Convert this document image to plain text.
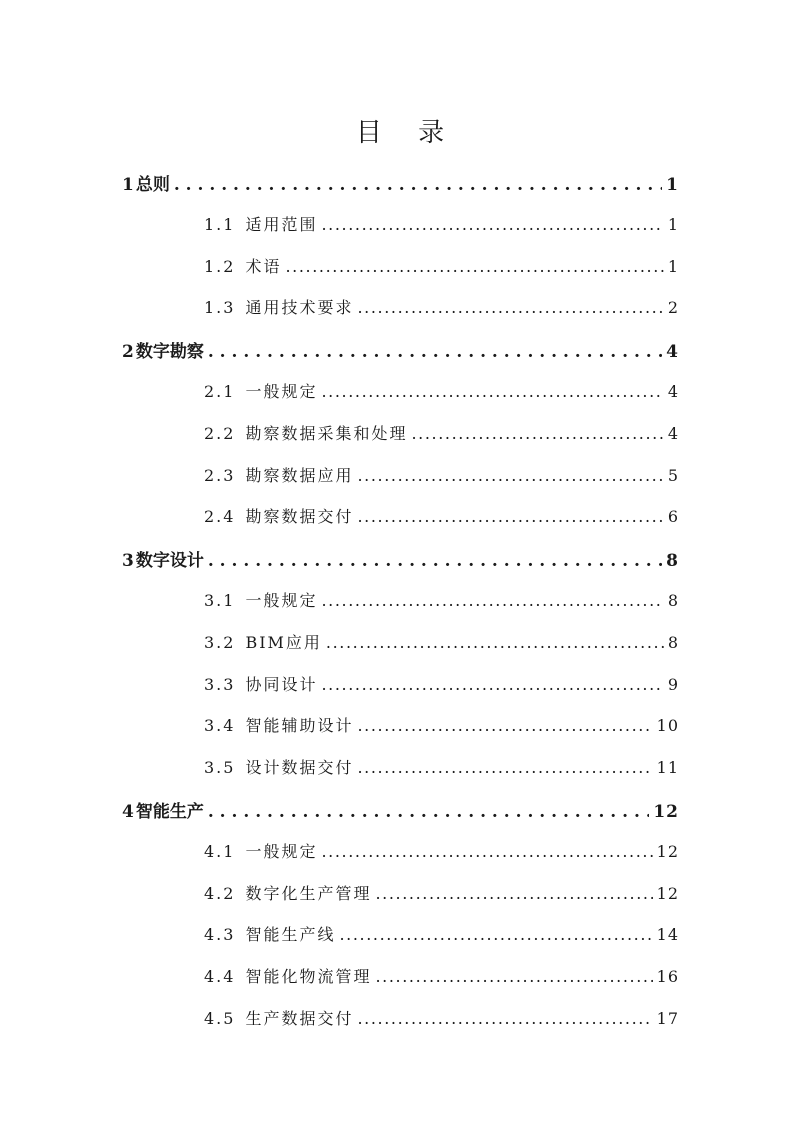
目 录
1 总则 . . .	1
1.1 适用范围 .....	1
1.2 术语 .....	1
1.3 通用技术要求 .....	2
2 数字勘察 . . .	4
2.1 一般规定 .....	4
2.2 勘察数据采集和处理 .....	4
2.3 勘察数据应用 .....	5
2.4 勘察数据交付 .....	6
3 数字设计 . . .	8
3.1 一般规定 .....	8
3.2 BIM应用 .....	8
3.3 协同设计 .....	9
3.4 智能辅助设计 .....	10
3.5 设计数据交付 .....	11
4 智能生产 . . .	12
4.1 一般规定 .....	12
4.2 数字化生产管理 .....	12
4.3 智能生产线 .....	14
4.4 智能化物流管理 .....	16
4.5 生产数据交付 .....	17
